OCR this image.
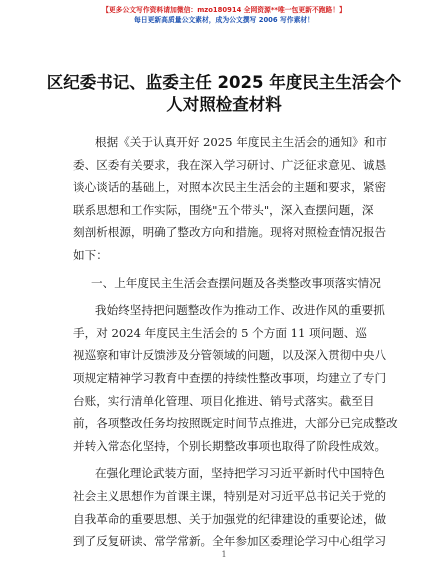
【更多公文写作资料请加微信：mzo180914 全网资源**唯一包更新不跑路！】
每日更新高质量公文素材，成为公文撰写 2006 写作素材！
区纪委书记、监委主任 2025 年度民主生活会个
人对照检查材料
根据《关于认真开好 2025 年度民主生活会的通知》和市
委、区委有关要求，我在深入学习研讨、广泛征求意见、诚恳
谈心谈话的基础上，对照本次民主生活会的主题和要求，紧密
联系思想和工作实际，围绕"五个带头"，深入查摆问题，深
刻剖析根源，明确了整改方向和措施。现将对照检查情况报告
如下：
一、上年度民主生活会查摆问题及各类整改事项落实情况
我始终坚持把问题整改作为推动工作、改进作风的重要抓
手，对 2024 年度民主生活会的 5 个方面 11 项问题、巡
视巡察和审计反馈涉及分管领域的问题，以及深入贯彻中央八
项规定精神学习教育中查摆的持续性整改事项，均建立了专门
台账，实行清单化管理、项目化推进、销号式落实。截至目
前，各项整改任务均按照既定时间节点推进，大部分已完成整改
并转入常态化坚持，个别长期整改事项也取得了阶段性成效。
在强化理论武装方面，坚持把学习习近平新时代中国特色
社会主义思想作为首课主课，特别是对习近平总书记关于党的
自我革命的重要思想、关于加强党的纪律建设的重要论述，做
到了反复研读、常学常新。全年参加区委理论学习中心组学习
1
